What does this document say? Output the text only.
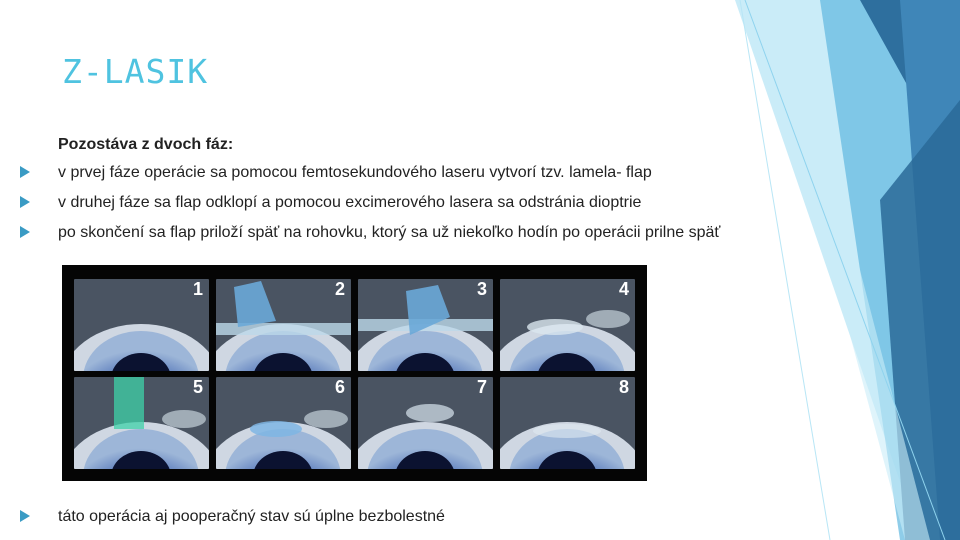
Z-LASIK
Pozostáva z dvoch fáz:
v prvej fáze operácie sa pomocou femtosekundového laseru vytvorí tzv. lamela- flap
v druhej fáze sa flap odklopí a pomocou excimerového lasera sa odstránia dioptrie
po skončení sa flap priloží späť na rohovku, ktorý sa už niekoľko hodín po operácii prilne späť
1	2	3	4
5	6	7	8
táto operácia aj pooperačný stav sú úplne bezbolestné
